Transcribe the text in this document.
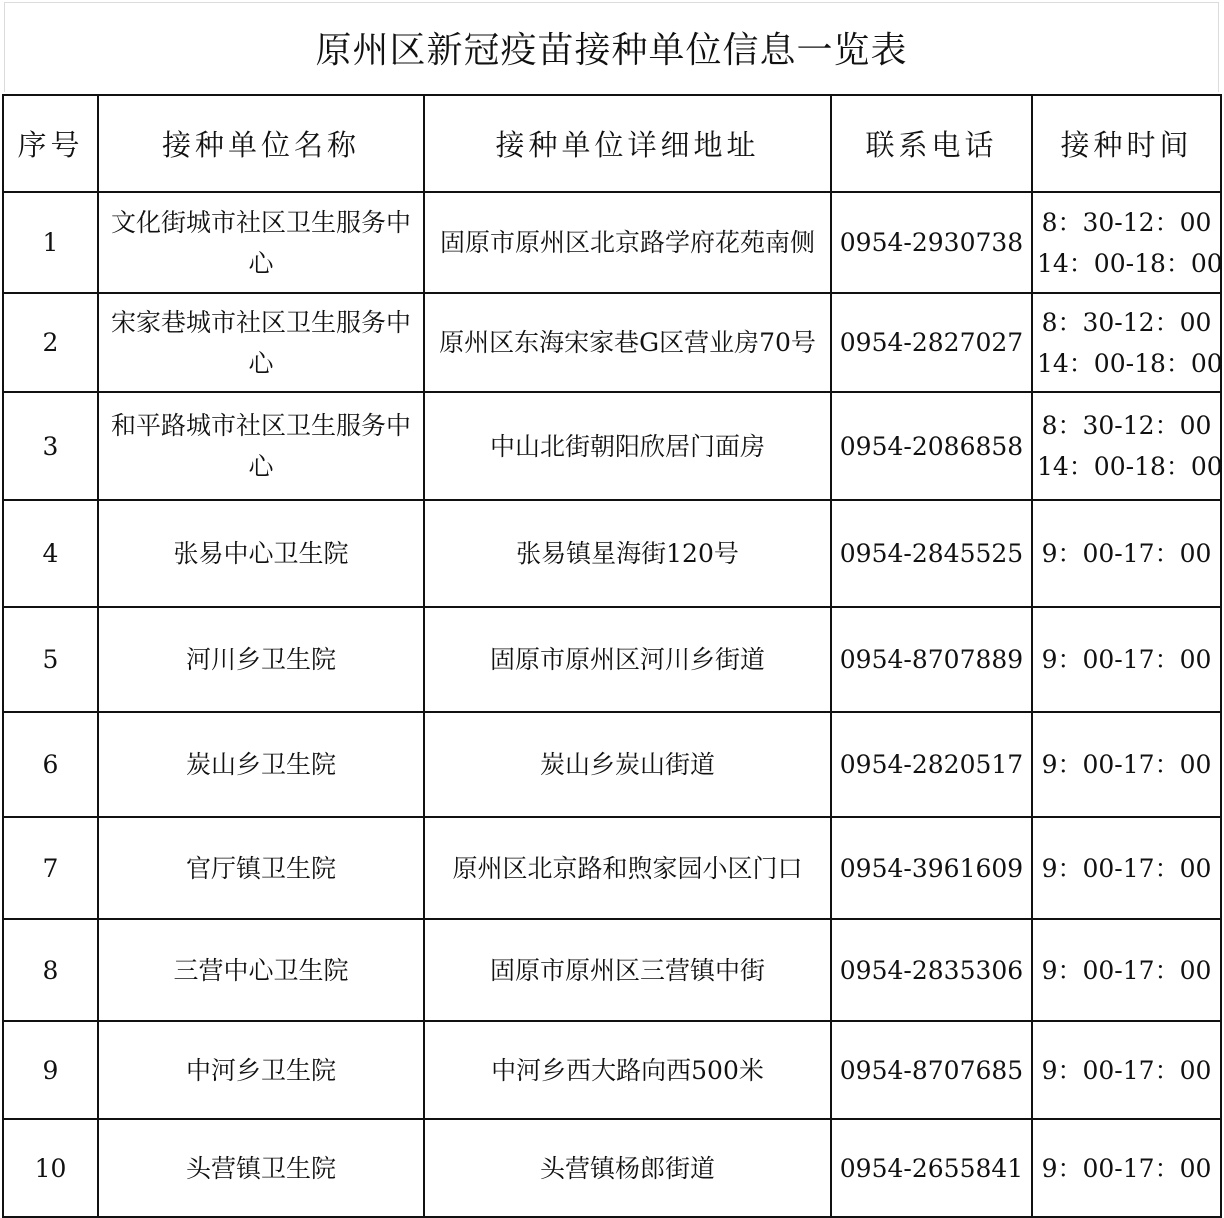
原州区新冠疫苗接种单位信息一览表
序号	接种单位名称	接种单位详细地址	联系电话	接种时间
1	文化街城市社区卫生服务中心	固原市原州区北京路学府花苑南侧	0954-2930738	8：30-12：00
14：00-18：00

2	宋家巷城市社区卫生服务中心	原州区东海宋家巷G区营业房70号	0954-2827027	8：30-12：00
14：00-18：00

3	和平路城市社区卫生服务中心	中山北街朝阳欣居门面房	0954-2086858	8：30-12：00
14：00-18：00

4	张易中心卫生院	张易镇星海街120号	0954-2845525	9：00-17：00

5	河川乡卫生院	固原市原州区河川乡街道	0954-8707889	9：00-17：00

6	炭山乡卫生院	炭山乡炭山街道	0954-2820517	9：00-17：00

7	官厅镇卫生院	原州区北京路和煦家园小区门口	0954-3961609	9：00-17：00

8	三营中心卫生院	固原市原州区三营镇中街	0954-2835306	9：00-17：00

9	中河乡卫生院	中河乡西大路向西500米	0954-8707685	9：00-17：00

10	头营镇卫生院	头营镇杨郎街道	0954-2655841	9：00-17：00
